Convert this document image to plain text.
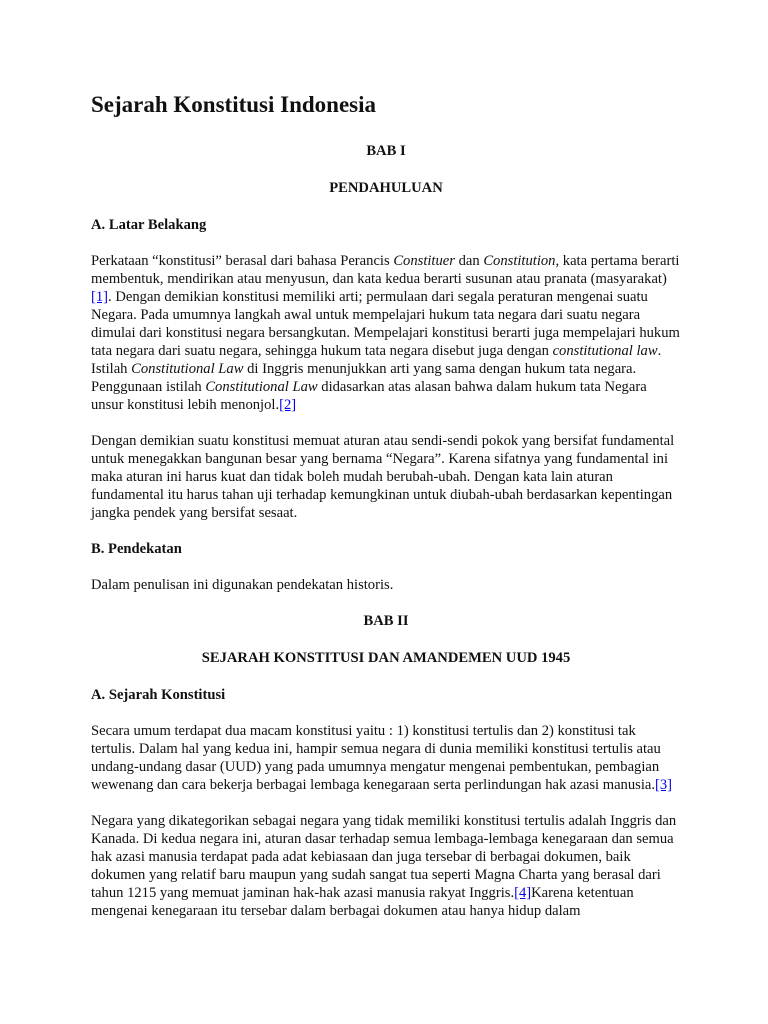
Sejarah Konstitusi Indonesia
BAB I
PENDAHULUAN
A. Latar Belakang

Perkataan “konstitusi” berasal dari bahasa Perancis Constituer dan Constitution, kata pertama berarti membentuk, mendirikan atau menyusun, dan kata kedua berarti susunan atau pranata (masyarakat)[1]. Dengan demikian konstitusi memiliki arti; permulaan dari segala peraturan mengenai suatu Negara. Pada umumnya langkah awal untuk mempelajari hukum tata negara dari suatu negara dimulai dari konstitusi negara bersangkutan. Mempelajari konstitusi berarti juga mempelajari hukum tata negara dari suatu negara, sehingga hukum tata negara disebut juga dengan constitutional law. Istilah Constitutional Law di Inggris menunjukkan arti yang sama dengan hukum tata negara. Penggunaan istilah Constitutional Law didasarkan atas alasan bahwa dalam hukum tata Negara unsur konstitusi lebih menonjol.[2]

Dengan demikian suatu konstitusi memuat aturan atau sendi-sendi pokok yang bersifat fundamental untuk menegakkan bangunan besar yang bernama “Negara”. Karena sifatnya yang fundamental ini maka aturan ini harus kuat dan tidak boleh mudah berubah-ubah. Dengan kata lain aturan fundamental itu harus tahan uji terhadap kemungkinan untuk diubah-ubah berdasarkan kepentingan jangka pendek yang bersifat sesaat.

B. Pendekatan

Dalam penulisan ini digunakan pendekatan historis.

BAB II
SEJARAH KONSTITUSI DAN AMANDEMEN UUD 1945
A. Sejarah Konstitusi

Secara umum terdapat dua macam konstitusi yaitu : 1) konstitusi tertulis dan 2) konstitusi tak tertulis. Dalam hal yang kedua ini, hampir semua negara di dunia memiliki konstitusi tertulis atau undang-undang dasar (UUD) yang pada umumnya mengatur mengenai pembentukan, pembagian wewenang dan cara bekerja berbagai lembaga kenegaraan serta perlindungan hak azasi manusia.[3]

Negara yang dikategorikan sebagai negara yang tidak memiliki konstitusi tertulis adalah Inggris dan Kanada. Di kedua negara ini, aturan dasar terhadap semua lembaga-lembaga kenegaraan dan semua hak azasi manusia terdapat pada adat kebiasaan dan juga tersebar di berbagai dokumen, baik dokumen yang relatif baru maupun yang sudah sangat tua seperti Magna Charta yang berasal dari tahun 1215 yang memuat jaminan hak-hak azasi manusia rakyat Inggris.[4]Karena ketentuan mengenai kenegaraan itu tersebar dalam berbagai dokumen atau hanya hidup dalam
